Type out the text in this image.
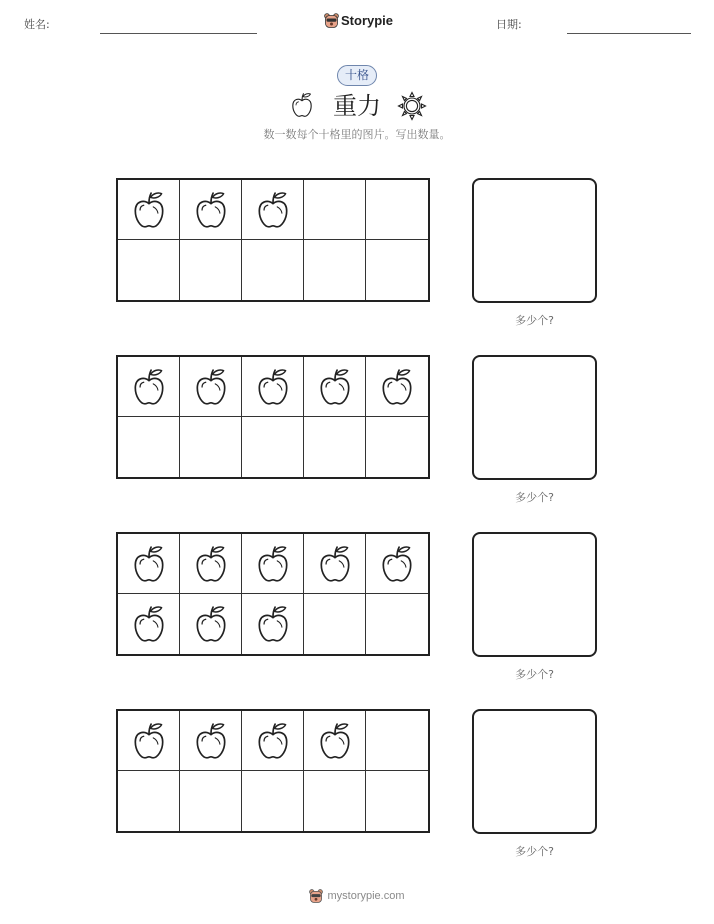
姓名:	Storypie	日期:
十格
重力
数一数每个十格里的图片。写出数量。
多少个?
多少个?
多少个?
多少个?
mystorypie.com
